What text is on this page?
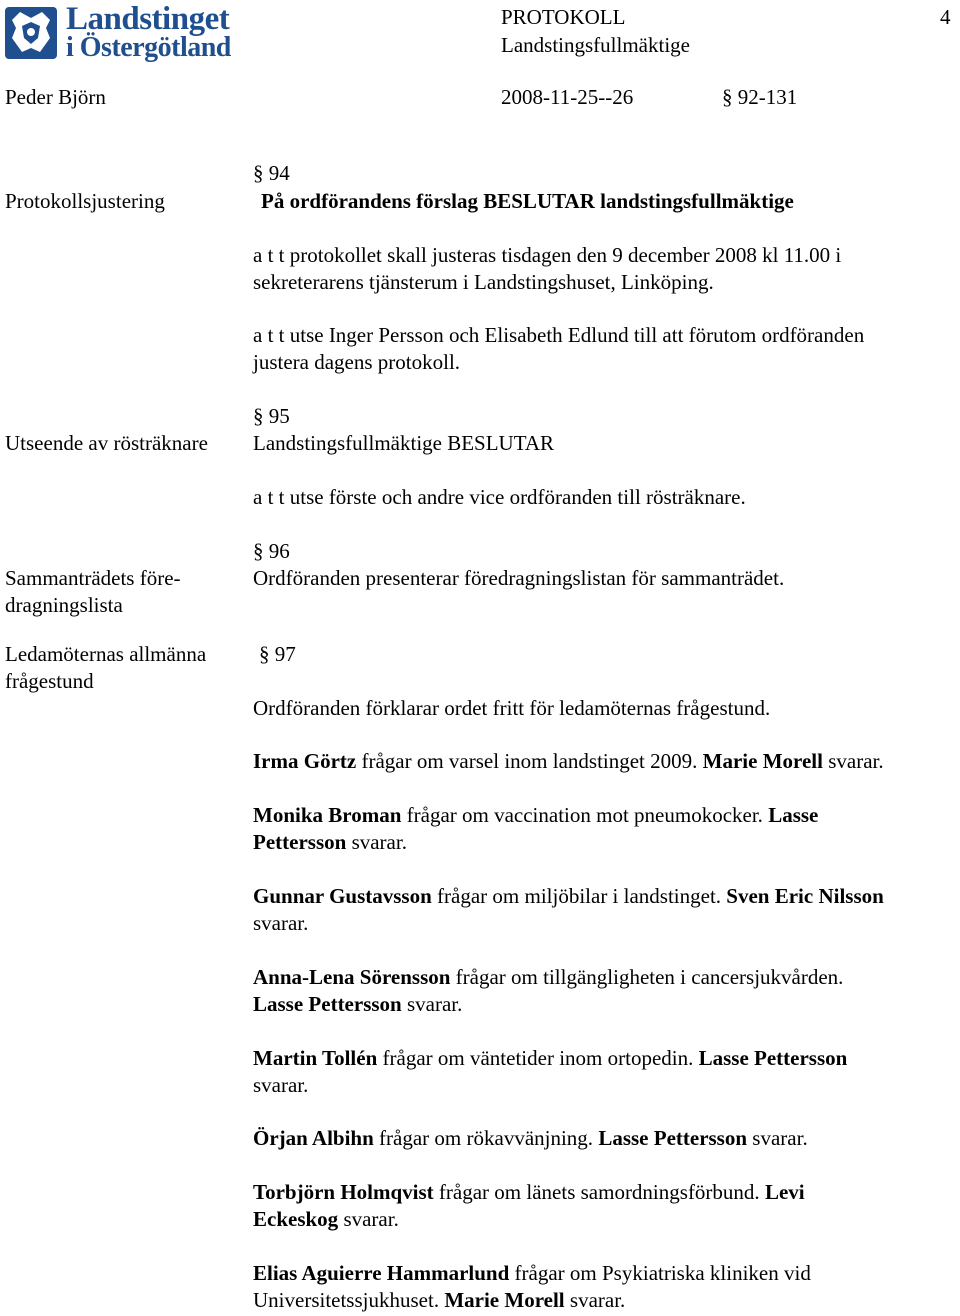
Landstinget
i Östergötland
PROTOKOLL
Landstingsfullmäktige
4
Peder Björn	2008-11-25--26	§ 92-131
Protokollsjustering
§ 94
På ordförandens förslag BESLUTAR landstingsfullmäktige
a t t protokollet skall justeras tisdagen den 9 december 2008 kl 11.00 i
sekreterarens tjänsterum i Landstingshuset, Linköping.
a t t utse Inger Persson och Elisabeth Edlund till att förutom ordföranden
justera dagens protokoll.
§ 95
Utseende av rösträknare Landstingsfullmäktige BESLUTAR
a t t utse förste och andre vice ordföranden till rösträknare.
§ 96
Sammanträdets före-
dragningslista
Ordföranden presenterar föredragningslistan för sammanträdet.
Ledamöternas allmänna
frågestund
§ 97
Ordföranden förklarar ordet fritt för ledamöternas frågestund.
Irma Görtz frågar om varsel inom landstinget 2009. Marie Morell svarar.
Monika Broman frågar om vaccination mot pneumokocker. Lasse
Pettersson svarar.
Gunnar Gustavsson frågar om miljöbilar i landstinget. Sven Eric Nilsson
svarar.
Anna-Lena Sörensson frågar om tillgängligheten i cancersjukvården.
Lasse Pettersson svarar.
Martin Tollén frågar om väntetider inom ortopedin. Lasse Pettersson
svarar.
Örjan Albihn frågar om rökavvänjning. Lasse Pettersson svarar.
Torbjörn Holmqvist frågar om länets samordningsförbund. Levi
Eckeskog svarar.
Elias Aguierre Hammarlund frågar om Psykiatriska kliniken vid
Universitetssjukhuset. Marie Morell svarar.
